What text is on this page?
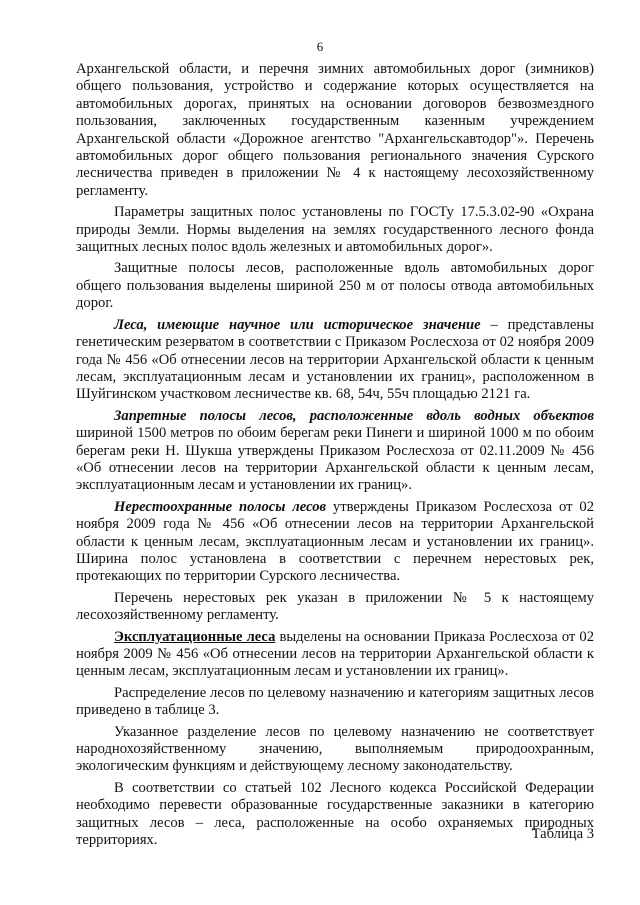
6

Архангельской области, и перечня зимних автомобильных дорог (зимников) общего пользования, устройство и содержание которых осуществляется на автомобильных дорогах, принятых на основании договоров безвозмездного пользования, заключенных государственным казенным учреждением Архангельской области «Дорожное агентство "Архангельскавтодор"». Перечень автомобильных дорог общего пользования регионального значения Сурского лесничества приведен в приложении № 4 к настоящему лесохозяйственному регламенту.

Параметры защитных полос установлены по ГОСТу 17.5.3.02-90 «Охрана природы Земли. Нормы выделения на землях государственного лесного фонда защитных лесных полос вдоль железных и автомобильных дорог».

Защитные полосы лесов, расположенные вдоль автомобильных дорог общего пользования выделены шириной 250 м от полосы отвода автомобильных дорог.

Леса, имеющие научное или историческое значение – представлены генетическим резерватом в соответствии с Приказом Рослесхоза от 02 ноября 2009 года № 456 «Об отнесении лесов на территории Архангельской области к ценным лесам, эксплуатационным лесам и установлении их границ», расположенном в Шуйгинском участковом лесничестве кв. 68, 54ч, 55ч площадью 2121 га.

Запретные полосы лесов, расположенные вдоль водных объектов шириной 1500 метров по обоим берегам реки Пинеги и шириной 1000 м по обоим берегам реки Н. Шукша утверждены Приказом Рослесхоза от 02.11.2009 № 456 «Об отнесении лесов на территории Архангельской области к ценным лесам, эксплуатационным лесам и установлении их границ».

Нерестоохранные полосы лесов утверждены Приказом Рослесхоза от 02 ноября 2009 года № 456 «Об отнесении лесов на территории Архангельской области к ценным лесам, эксплуатационным лесам и установлении их границ». Ширина полос установлена в соответствии с перечнем нерестовых рек, протекающих по территории Сурского лесничества.

Перечень нерестовых рек указан в приложении № 5 к настоящему лесохозяйственному регламенту.

Эксплуатационные леса выделены на основании Приказа Рослесхоза от 02 ноября 2009 № 456 «Об отнесении лесов на территории Архангельской области к ценным лесам, эксплуатационным лесам и установлении их границ».

Распределение лесов по целевому назначению и категориям защитных лесов приведено в таблице 3.

Указанное разделение лесов по целевому назначению не соответствует народнохозяйственному значению, выполняемым природоохранным, экологическим функциям и действующему лесному законодательству.

В соответствии со статьей 102 Лесного кодекса Российской Федерации необходимо перевести образованные государственные заказники в категорию защитных лесов – леса, расположенные на особо охраняемых природных территориях.	Таблица 3
